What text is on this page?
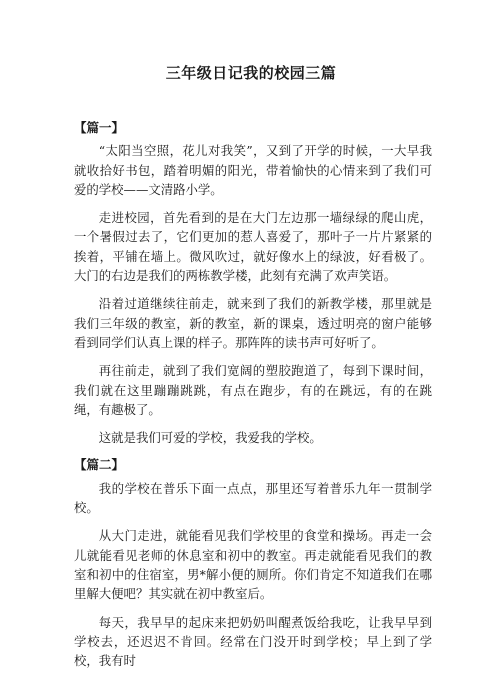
三年级日记我的校园三篇
【篇一】

“太阳当空照，花儿对我笑”，又到了开学的时候，一大早我就收拾好书包，踏着明媚的阳光，带着愉快的心情来到了我们可爱的学校——文清路小学。

走进校园，首先看到的是在大门左边那一墙绿绿的爬山虎，一个暑假过去了，它们更加的惹人喜爱了，那叶子一片片紧紧的挨着，平铺在墙上。微风吹过，就好像水上的绿波，好看极了。大门的右边是我们的两栋教学楼，此刻有充满了欢声笑语。

沿着过道继续往前走，就来到了我们的新教学楼，那里就是我们三年级的教室，新的教室，新的课桌，透过明亮的窗户能够看到同学们认真上课的样子。那阵阵的读书声可好听了。

再往前走，就到了我们宽阔的塑胶跑道了，每到下课时间，我们就在这里蹦蹦跳跳，有点在跑步，有的在跳远，有的在跳绳，有趣极了。

这就是我们可爱的学校，我爱我的学校。

【篇二】

我的学校在普乐下面一点点，那里还写着普乐九年一贯制学校。

从大门走进，就能看见我们学校里的食堂和操场。再走一会儿就能看见老师的休息室和初中的教室。再走就能看见我们的教室和初中的住宿室，男*解小便的厕所。你们肯定不知道我们在哪里解大便吧？其实就在初中教室后。

每天，我早早的起床来把奶奶叫醒煮饭给我吃，让我早早到学校去，还迟迟不肯回。经常在门没开时到学校；早上到了学校，我有时
